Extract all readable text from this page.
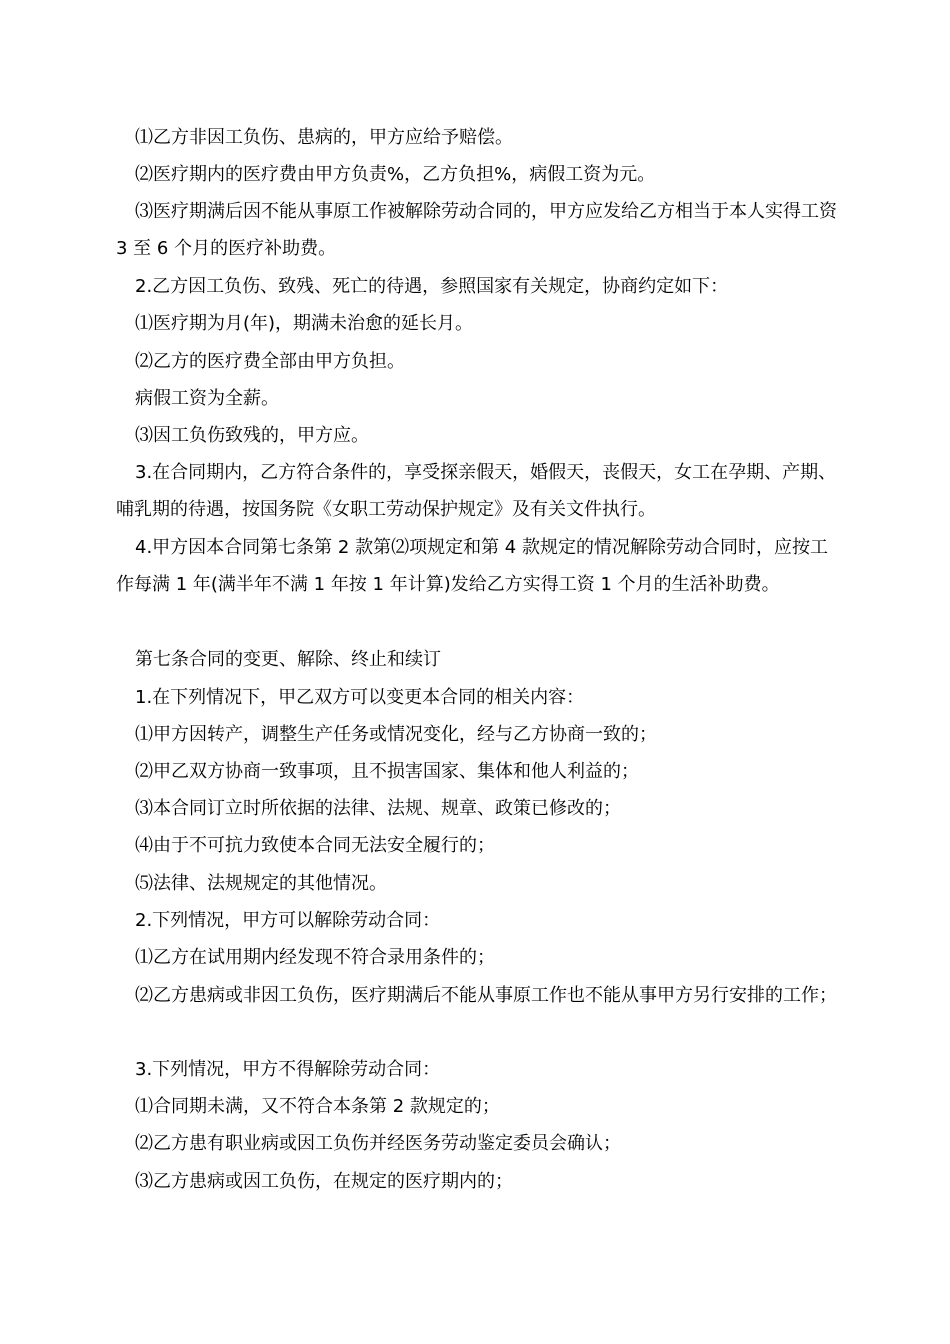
⑴乙方非因工负伤、患病的，甲方应给予赔偿。

⑵医疗期内的医疗费由甲方负责%，乙方负担%，病假工资为元。

⑶医疗期满后因不能从事原工作被解除劳动合同的，甲方应发给乙方相当于本人实得工资 3 至 6 个月的医疗补助费。

2.乙方因工负伤、致残、死亡的待遇，参照国家有关规定，协商约定如下：

⑴医疗期为月(年)，期满未治愈的延长月。

⑵乙方的医疗费全部由甲方负担。

病假工资为全薪。

⑶因工负伤致残的，甲方应。

3.在合同期内，乙方符合条件的，享受探亲假天，婚假天，丧假天，女工在孕期、产期、哺乳期的待遇，按国务院《女职工劳动保护规定》及有关文件执行。

4.甲方因本合同第七条第 2 款第⑵项规定和第 4 款规定的情况解除劳动合同时，应按工作每满 1 年(满半年不满 1 年按 1 年计算)发给乙方实得工资 1 个月的生活补助费。

第七条合同的变更、解除、终止和续订

1.在下列情况下，甲乙双方可以变更本合同的相关内容：

⑴甲方因转产，调整生产任务或情况变化，经与乙方协商一致的；

⑵甲乙双方协商一致事项，且不损害国家、集体和他人利益的；

⑶本合同订立时所依据的法律、法规、规章、政策已修改的；

⑷由于不可抗力致使本合同无法安全履行的；

⑸法律、法规规定的其他情况。

2.下列情况，甲方可以解除劳动合同：

⑴乙方在试用期内经发现不符合录用条件的；

⑵乙方患病或非因工负伤，医疗期满后不能从事原工作也不能从事甲方另行安排的工作；

3.下列情况，甲方不得解除劳动合同：

⑴合同期未满，又不符合本条第 2 款规定的；

⑵乙方患有职业病或因工负伤并经医务劳动鉴定委员会确认；

⑶乙方患病或因工负伤，在规定的医疗期内的；
